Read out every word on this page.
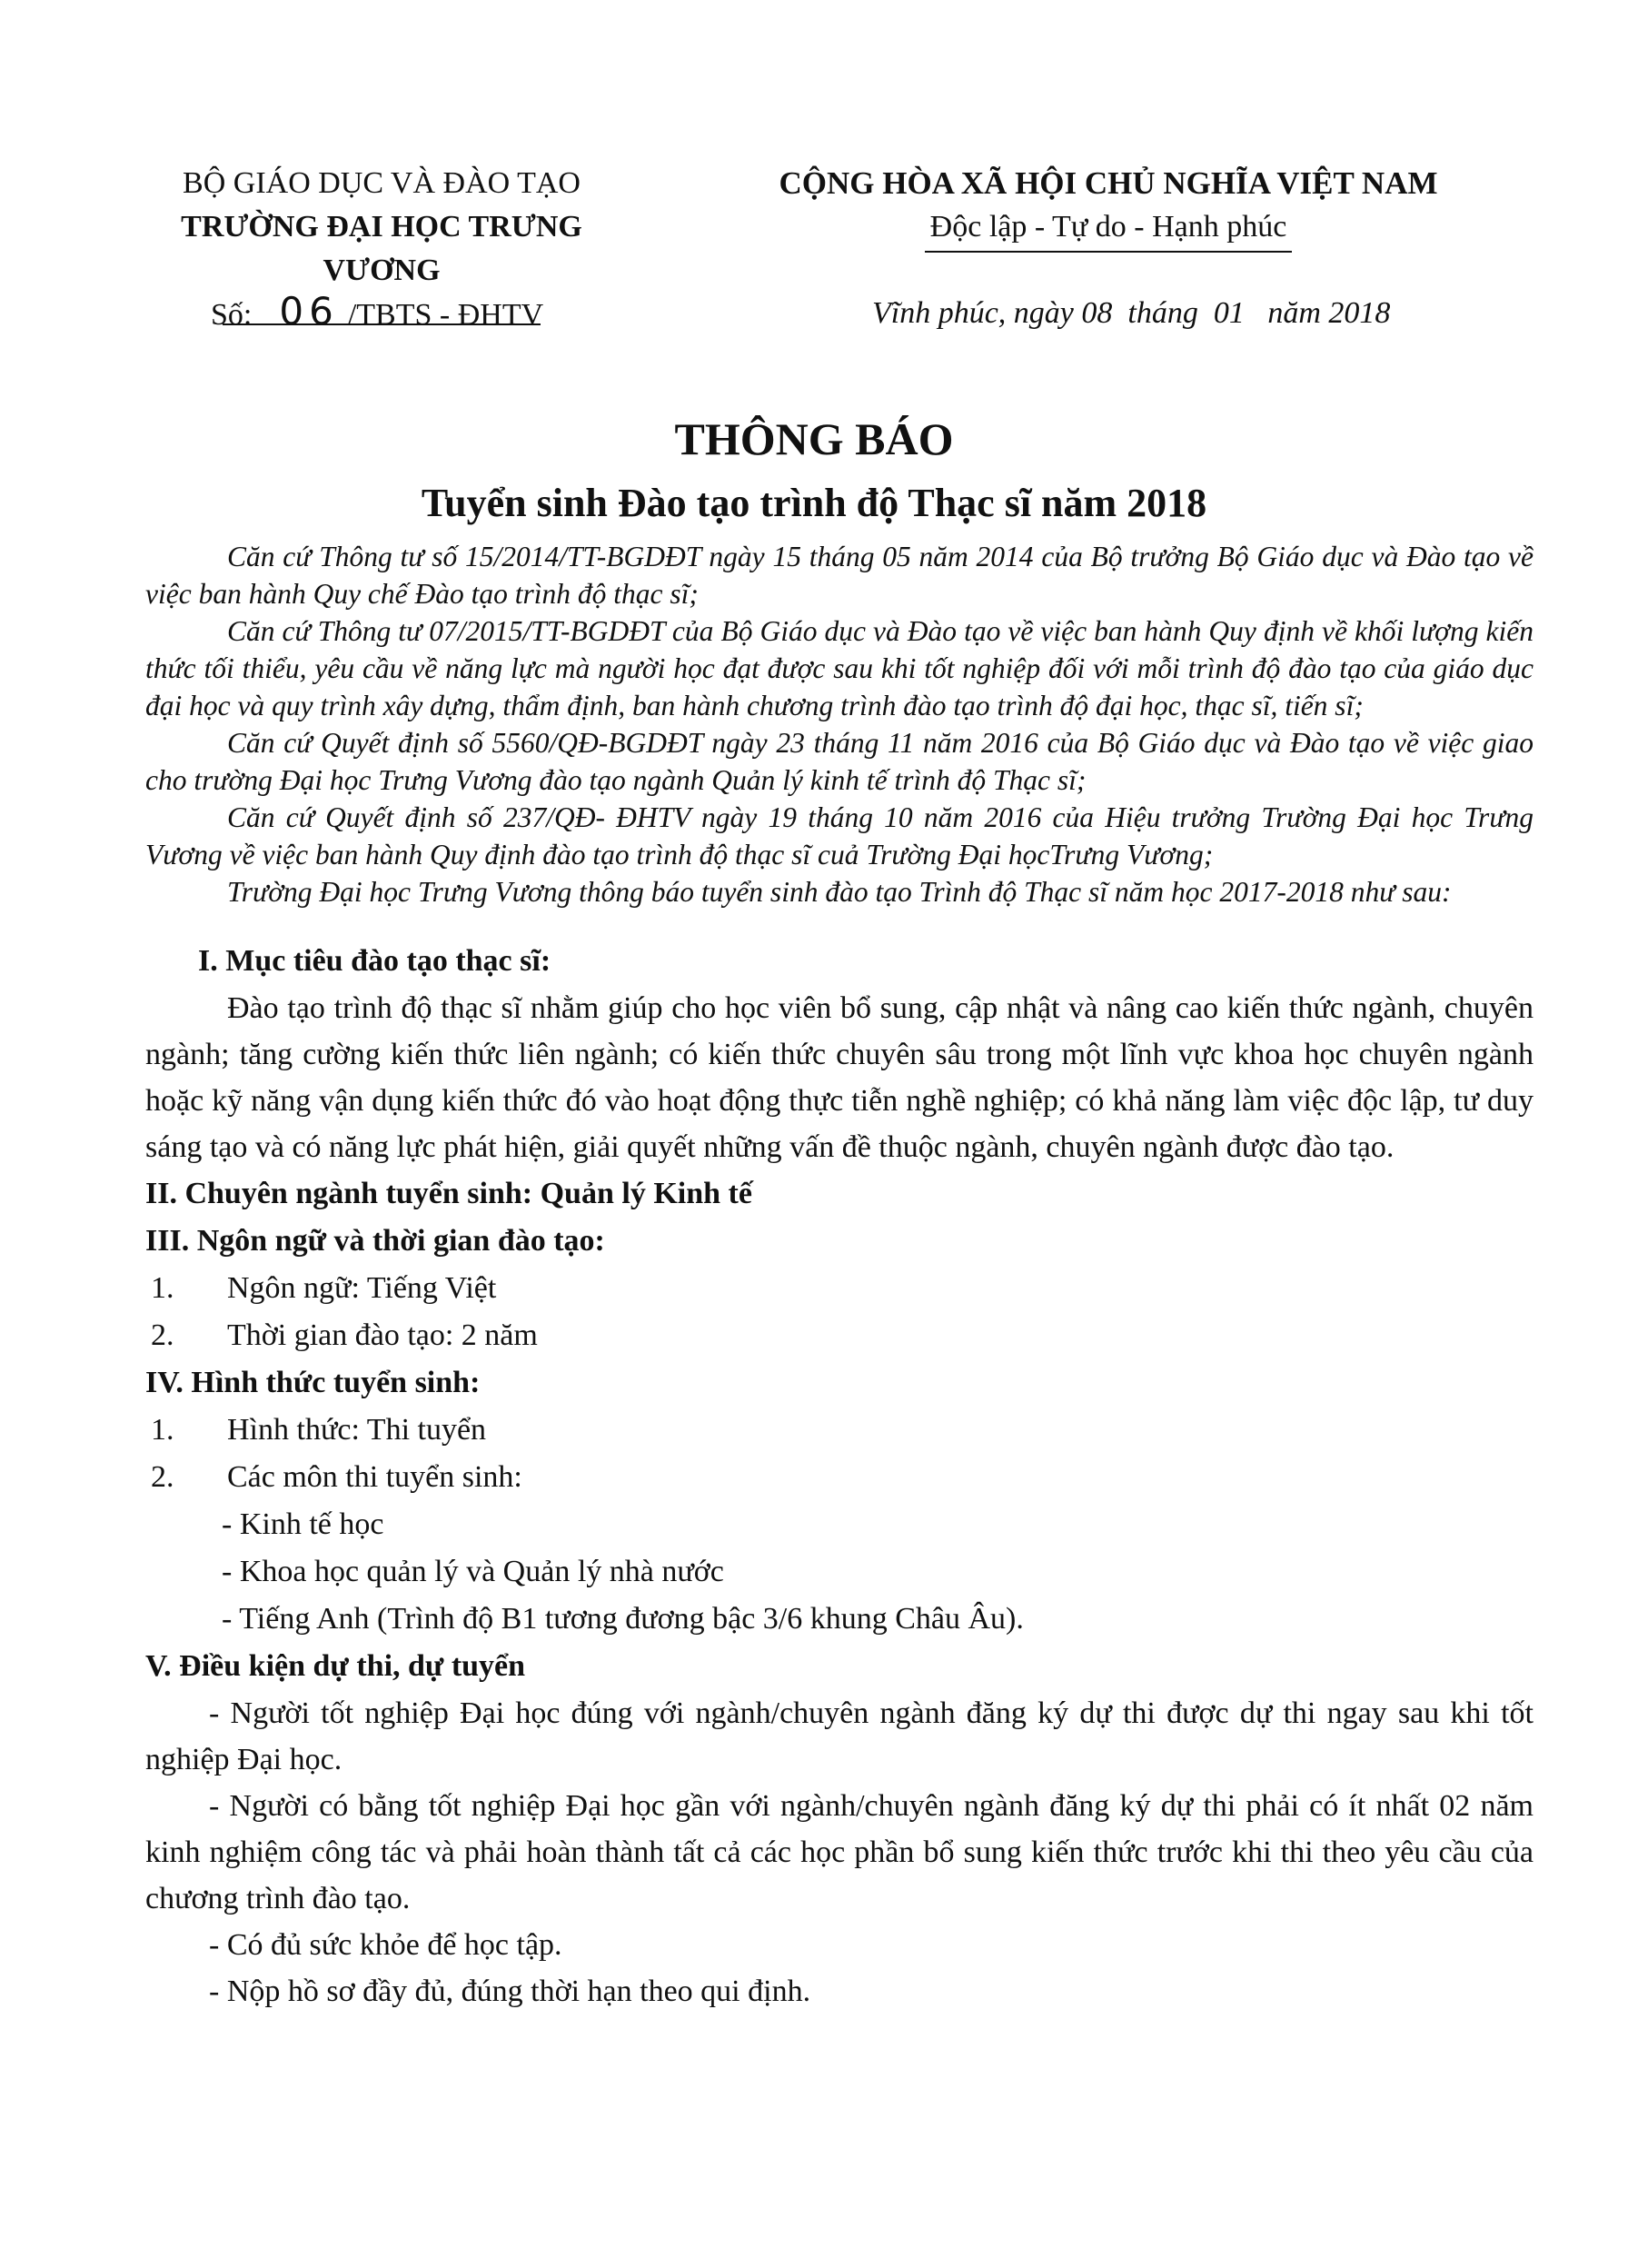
BỘ GIÁO DỤC VÀ ĐÀO TẠO
TRƯỜNG ĐẠI HỌC TRƯNG VƯƠNG
CỘNG HÒA XÃ HỘI CHỦ NGHĨA VIỆT NAM
Độc lập - Tự do - Hạnh phúc
Số: 06 /TBTS - ĐHTV	Vĩnh phúc, ngày 08  tháng  01   năm 2018
THÔNG BÁO
Tuyển sinh Đào tạo trình độ Thạc sĩ năm 2018

Căn cứ Thông tư số 15/2014/TT-BGDĐT ngày 15 tháng 05 năm 2014 của Bộ trưởng Bộ Giáo dục và Đào tạo về việc ban hành Quy chế Đào tạo trình độ thạc sĩ;

Căn cứ Thông tư 07/2015/TT-BGDĐT của Bộ Giáo dục và Đào tạo về việc ban hành Quy định về khối lượng kiến thức tối thiểu, yêu cầu về năng lực mà người học đạt được sau khi tốt nghiệp đối với mỗi trình độ đào tạo của giáo dục đại học và quy trình xây dựng, thẩm định, ban hành chương trình đào tạo trình độ đại học, thạc sĩ, tiến sĩ;

Căn cứ Quyết định số 5560/QĐ-BGDĐT ngày 23 tháng 11 năm 2016 của Bộ Giáo dục và Đào tạo về việc giao cho trường Đại học Trưng Vương đào tạo ngành Quản lý kinh tế trình độ Thạc sĩ;

Căn cứ Quyết định số 237/QĐ- ĐHTV ngày 19 tháng 10 năm 2016 của Hiệu trưởng Trường Đại học Trưng Vương về việc ban hành Quy định đào tạo trình độ thạc sĩ cuả Trường Đại họcTrưng Vương;

Trường Đại học Trưng Vương thông báo tuyển sinh đào tạo Trình độ Thạc sĩ năm học 2017-2018 như sau:

I. Mục tiêu đào tạo thạc sĩ:

Đào tạo trình độ thạc sĩ nhằm giúp cho học viên bổ sung, cập nhật và nâng cao kiến thức ngành, chuyên ngành; tăng cường kiến thức liên ngành; có kiến thức chuyên sâu trong một lĩnh vực khoa học chuyên ngành hoặc kỹ năng vận dụng kiến thức đó vào hoạt động thực tiễn nghề nghiệp; có khả năng làm việc độc lập, tư duy sáng tạo và có năng lực phát hiện, giải quyết những vấn đề thuộc ngành, chuyên ngành được đào tạo.

II. Chuyên ngành tuyển sinh: Quản lý Kinh tế

III. Ngôn ngữ và thời gian đào tạo:

1.	Ngôn ngữ: Tiếng Việt

2.	Thời gian đào tạo: 2 năm

IV. Hình thức tuyển sinh:

1.	Hình thức: Thi tuyển

2.	Các môn thi tuyển sinh:

- Kinh tế học

- Khoa học quản lý và Quản lý nhà nước

- Tiếng Anh (Trình độ B1 tương đương bậc 3/6 khung Châu Âu).

V. Điều kiện dự thi, dự tuyển

- Người tốt nghiệp Đại học đúng với ngành/chuyên ngành đăng ký dự thi được dự thi ngay sau khi tốt nghiệp Đại học.

- Người có bằng tốt nghiệp Đại học gần với ngành/chuyên ngành đăng ký dự thi phải có ít nhất 02 năm kinh nghiệm công tác và phải hoàn thành tất cả các học phần bổ sung kiến thức trước khi thi theo yêu cầu của chương trình đào tạo.

- Có đủ sức khỏe để học tập.

- Nộp hồ sơ đầy đủ, đúng thời hạn theo qui định.
